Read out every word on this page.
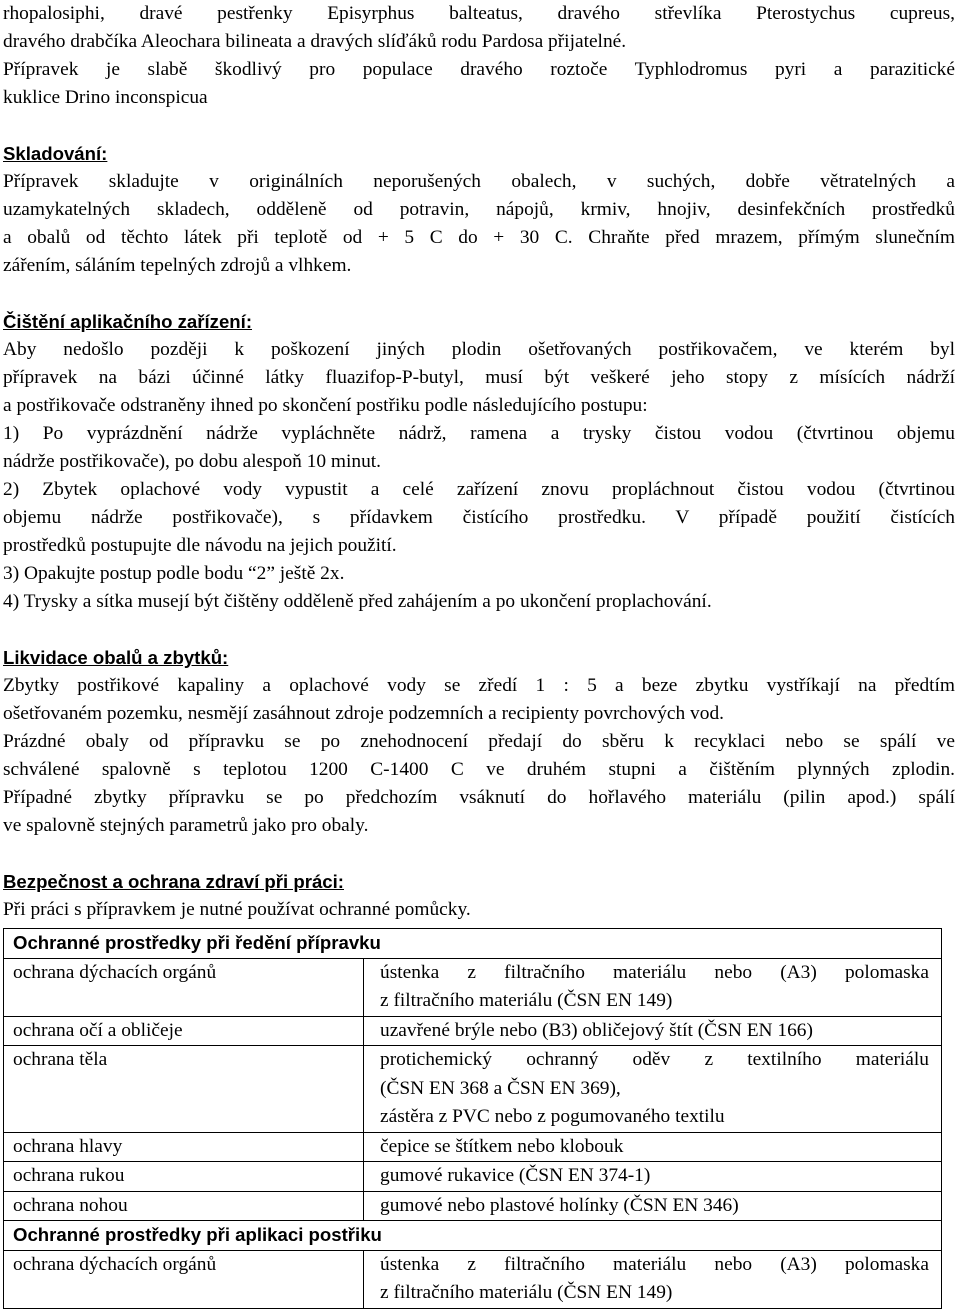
rhopalosiphi, dravé pestřenky Episyrphus balteatus, dravého střevlíka Pterostychus cupreus,
dravého drabčíka Aleochara bilineata a dravých slíďáků rodu Pardosa přijatelné.
Přípravek je slabě škodlivý pro populace dravého roztoče Typhlodromus pyri a parazitické
kuklice Drino inconspicua
Skladování:
Přípravek skladujte v originálních neporušených obalech, v suchých, dobře větratelných a
uzamykatelných skladech, odděleně od potravin, nápojů, krmiv, hnojiv, desinfekčních prostředků
a obalů od těchto látek při teplotě od + 5 C do + 30 C. Chraňte před mrazem, přímým slunečním
zářením, sáláním tepelných zdrojů a vlhkem.
Čištění aplikačního zařízení:
Aby nedošlo později k poškození jiných plodin ošetřovaných postřikovačem, ve kterém byl
přípravek na bázi účinné látky fluazifop-P-butyl, musí být veškeré jeho stopy z mísících nádrží
a postřikovače odstraněny ihned po skončení postřiku podle následujícího postupu:
1) Po vyprázdnění nádrže vypláchněte nádrž, ramena a trysky čistou vodou (čtvrtinou objemu
nádrže postřikovače), po dobu alespoň 10 minut.
2) Zbytek oplachové vody vypustit a celé zařízení znovu propláchnout čistou vodou (čtvrtinou
objemu nádrže postřikovače), s přídavkem čistícího prostředku. V případě použití čistících
prostředků postupujte dle návodu na jejich použití.
3) Opakujte postup podle bodu “2” ještě 2x.
4) Trysky a sítka musejí být čištěny odděleně před zahájením a po ukončení proplachování.
Likvidace obalů a zbytků:
Zbytky postřikové kapaliny a oplachové vody se zředí 1 : 5 a beze zbytku vystříkají na předtím
ošetřovaném pozemku, nesmějí zasáhnout zdroje podzemních a recipienty povrchových vod.
Prázdné obaly od přípravku se po znehodnocení předají do sběru k recyklaci nebo se spálí ve
schválené spalovně s teplotou 1200 C-1400 C ve druhém stupni a čištěním plynných zplodin.
Případné zbytky přípravku se po předchozím vsáknutí do hořlavého materiálu (pilin apod.) spálí
ve spalovně stejných parametrů jako pro obaly.
Bezpečnost a ochrana zdraví při práci:
Při práci s přípravkem je nutné používat ochranné pomůcky.
Ochranné prostředky při ředění přípravku	
ochrana dýchacích orgánů	ústenka z filtračního materiálu nebo (A3) polomaska
z filtračního materiálu (ČSN EN 149)

ochrana očí a obličeje	uzavřené brýle nebo (B3) obličejový štít (ČSN EN 166)

ochrana těla	protichemický ochranný oděv z textilního materiálu
(ČSN EN 368 a ČSN EN 369),
zástěra z PVC nebo z pogumovaného textilu

ochrana hlavy	čepice se štítkem nebo klobouk

ochrana rukou	gumové rukavice (ČSN EN 374-1)

ochrana nohou	gumové nebo plastové holínky (ČSN EN 346)

Ochranné prostředky při aplikaci postřiku	
ochrana dýchacích orgánů	ústenka z filtračního materiálu nebo (A3) polomaska
z filtračního materiálu (ČSN EN 149)
